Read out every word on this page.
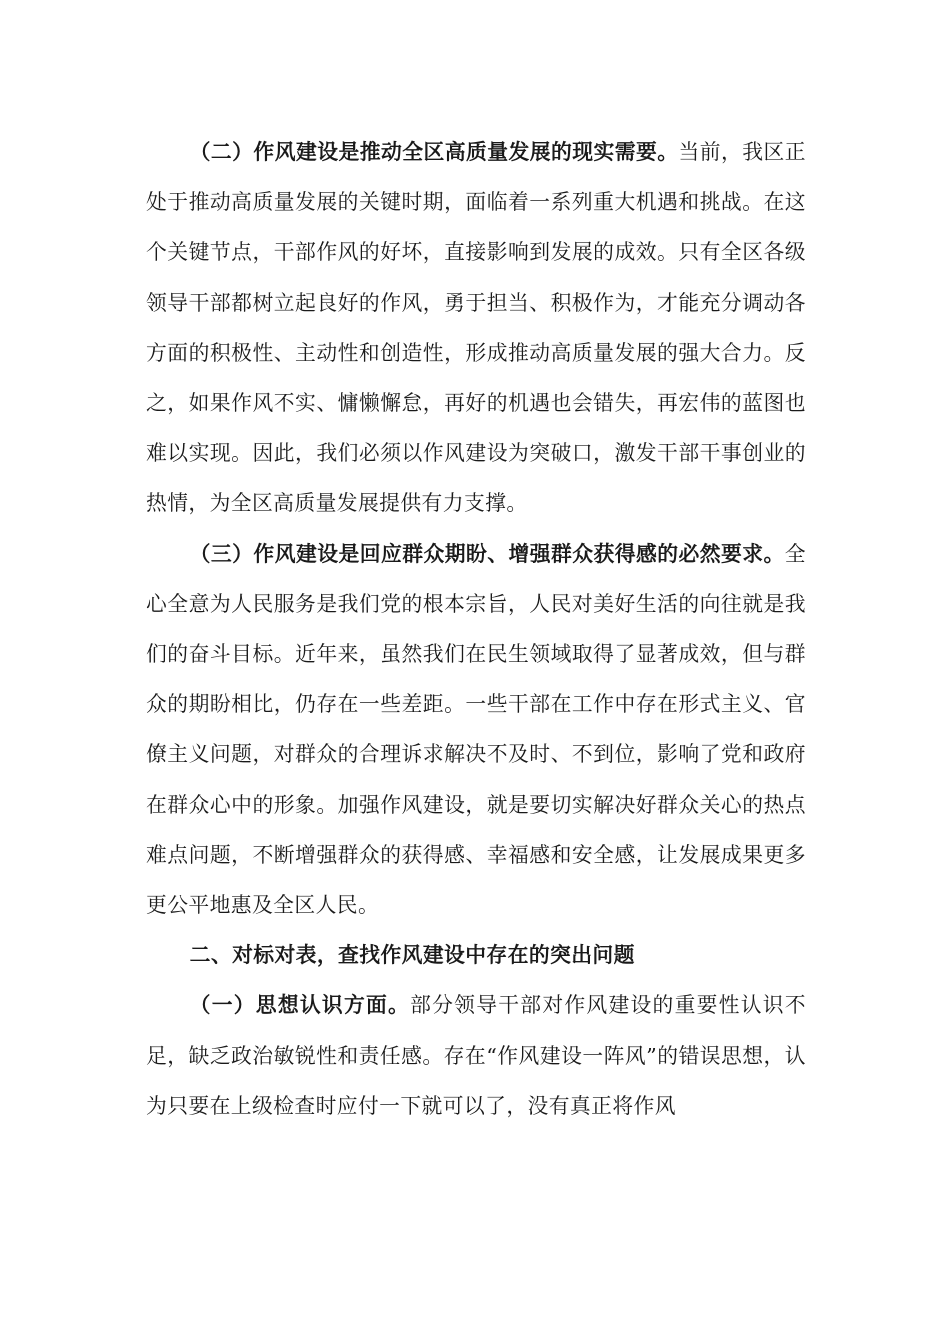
（二）作风建设是推动全区高质量发展的现实需要。当前，我区正处于推动高质量发展的关键时期，面临着一系列重大机遇和挑战。在这个关键节点，干部作风的好坏，直接影响到发展的成效。只有全区各级领导干部都树立起良好的作风，勇于担当、积极作为，才能充分调动各方面的积极性、主动性和创造性，形成推动高质量发展的强大合力。反之，如果作风不实、慵懒懈怠，再好的机遇也会错失，再宏伟的蓝图也难以实现。因此，我们必须以作风建设为突破口，激发干部干事创业的热情，为全区高质量发展提供有力支撑。

（三）作风建设是回应群众期盼、增强群众获得感的必然要求。全心全意为人民服务是我们党的根本宗旨，人民对美好生活的向往就是我们的奋斗目标。近年来，虽然我们在民生领域取得了显著成效，但与群众的期盼相比，仍存在一些差距。一些干部在工作中存在形式主义、官僚主义问题，对群众的合理诉求解决不及时、不到位，影响了党和政府在群众心中的形象。加强作风建设，就是要切实解决好群众关心的热点难点问题，不断增强群众的获得感、幸福感和安全感，让发展成果更多更公平地惠及全区人民。

二、对标对表，查找作风建设中存在的突出问题

（一）思想认识方面。部分领导干部对作风建设的重要性认识不足，缺乏政治敏锐性和责任感。存在“作风建设一阵风”的错误思想，认为只要在上级检查时应付一下就可以了，没有真正将作风
